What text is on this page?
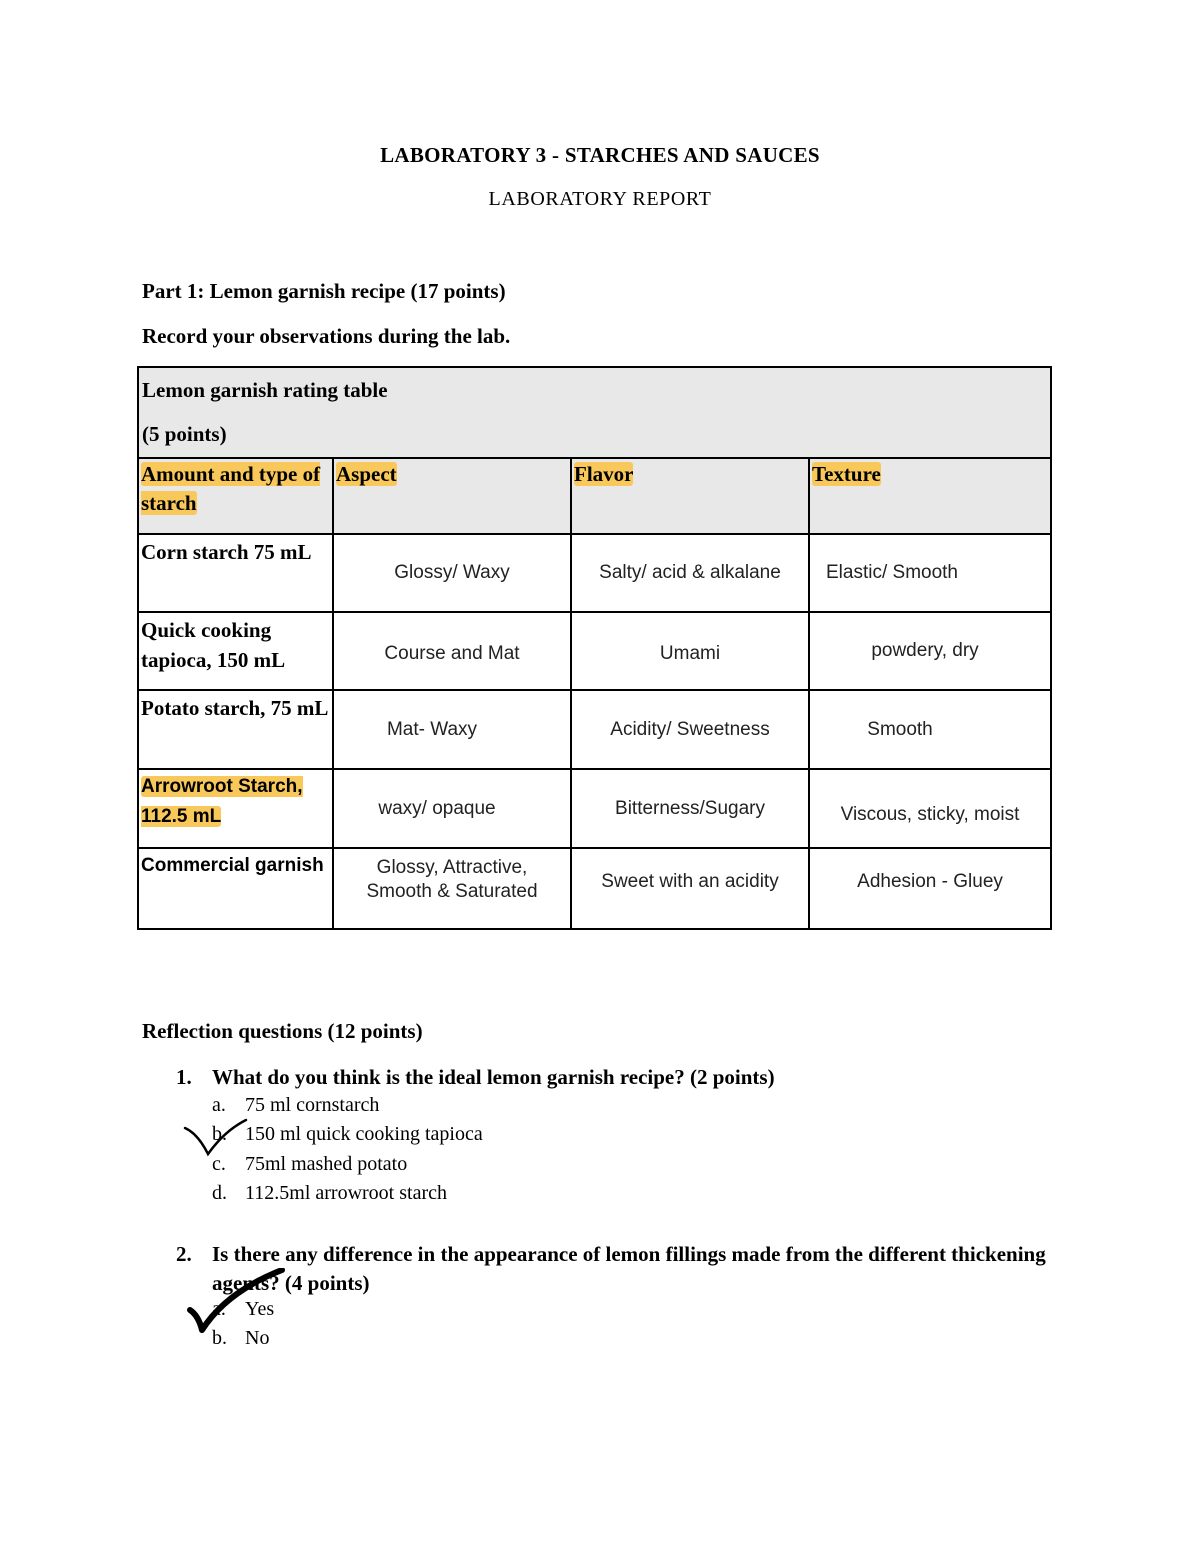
LABORATORY 3 - STARCHES AND SAUCES
LABORATORY REPORT
Part 1: Lemon garnish recipe (17 points)
Record your observations during the lab.
Lemon garnish rating table
(5 points)			

Amount and type of starch	Aspect	Flavor	Texture

Corn starch 75 mL	Glossy/ Waxy	Salty/ acid & alkalane	Elastic/ Smooth

Quick cooking tapioca, 150 mL	Course and Mat	Umami	powdery, dry

Potato starch, 75 mL	Mat- Waxy	Acidity/ Sweetness	Smooth

Arrowroot Starch, 112.5 mL	waxy/ opaque	Bitterness/Sugary	Viscous, sticky, moist

Commercial garnish	Glossy, Attractive, Smooth & Saturated	Sweet with an acidity	Adhesion - Gluey
Reflection questions (12 points)
1. What do you think is the ideal lemon garnish recipe? (2 points)
a. 75 ml cornstarch
b. 150 ml quick cooking tapioca
c. 75ml mashed potato
d. 112.5ml arrowroot starch
2. Is there any difference in the appearance of lemon fillings made from the different thickening agents? (4 points)
a. Yes
b. No
